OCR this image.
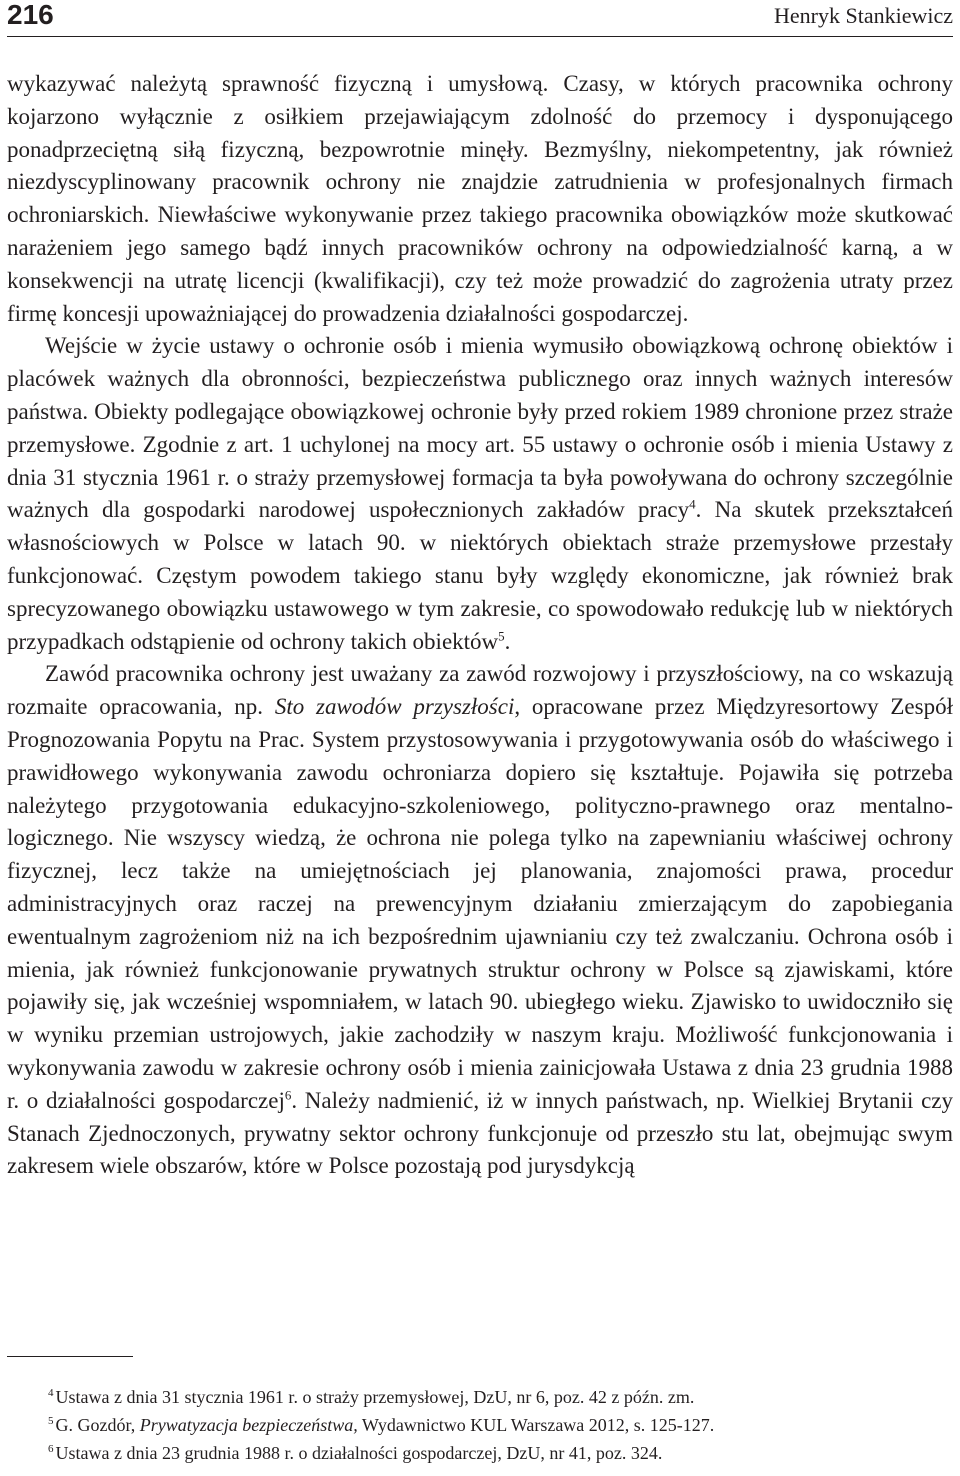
216	Henryk Stankiewicz

wykazywać należytą sprawność fizyczną i umysłową. Czasy, w których pracownika ochrony kojarzono wyłącznie z osiłkiem przejawiającym zdolność do przemocy i dysponującego ponadprzeciętną siłą fizyczną, bezpowrotnie minęły. Bezmyślny, niekompetentny, jak również niezdyscyplinowany pracownik ochrony nie znajdzie zatrudnienia w profesjonalnych firmach ochroniarskich. Niewłaściwe wykonywanie przez takiego pracownika obowiązków może skutkować narażeniem jego samego bądź innych pracowników ochrony na odpowiedzialność karną, a w konsekwencji na utratę licencji (kwalifikacji), czy też może prowadzić do zagrożenia utraty przez firmę koncesji upoważniającej do prowadzenia działalności gospodarczej.

Wejście w życie ustawy o ochronie osób i mienia wymusiło obowiązkową ochronę obiektów i placówek ważnych dla obronności, bezpieczeństwa publicznego oraz innych ważnych interesów państwa. Obiekty podlegające obowiązkowej ochronie były przed rokiem 1989 chronione przez straże przemysłowe. Zgodnie z art. 1 uchylonej na mocy art. 55 ustawy o ochronie osób i mienia Ustawy z dnia 31 stycznia 1961 r. o straży przemysłowej formacja ta była powoływana do ochrony szczególnie ważnych dla gospodarki narodowej uspołecznionych zakładów pracy$^4$. Na skutek przekształceń własnościowych w Polsce w latach 90. w niektórych obiektach straże przemysłowe przestały funkcjonować. Częstym powodem takiego stanu były względy ekonomiczne, jak również brak sprecyzowanego obowiązku ustawowego w tym zakresie, co spowodowało redukcję lub w niektórych przypadkach odstąpienie od ochrony takich obiektów$^5$.

Zawód pracownika ochrony jest uważany za zawód rozwojowy i przyszłościowy, na co wskazują rozmaite opracowania, np. Sto zawodów przyszłości, opracowane przez Międzyresortowy Zespół Prognozowania Popytu na Prac. System przystosowywania i przygotowywania osób do właściwego i prawidłowego wykonywania zawodu ochroniarza dopiero się kształtuje. Pojawiła się potrzeba należytego przygotowania edukacyjno-szkoleniowego, polityczno-prawnego oraz mentalno-logicznego. Nie wszyscy wiedzą, że ochrona nie polega tylko na zapewnianiu właściwej ochrony fizycznej, lecz także na umiejętnościach jej planowania, znajomości prawa, procedur administracyjnych oraz raczej na prewencyjnym działaniu zmierzającym do zapobiegania ewentualnym zagrożeniom niż na ich bezpośrednim ujawnianiu czy też zwalczaniu. Ochrona osób i mienia, jak również funkcjonowanie prywatnych struktur ochrony w Polsce są zjawiskami, które pojawiły się, jak wcześniej wspomniałem, w latach 90. ubiegłego wieku. Zjawisko to uwidoczniło się w wyniku przemian ustrojowych, jakie zachodziły w naszym kraju. Możliwość funkcjonowania i wykonywania zawodu w zakresie ochrony osób i mienia zainicjowała Ustawa z dnia 23 grudnia 1988 r. o działalności gospodarczej$^6$. Należy nadmienić, iż w innych państwach, np. Wielkiej Brytanii czy Stanach Zjednoczonych, prywatny sektor ochrony funkcjonuje od przeszło stu lat, obejmując swym zakresem wiele obszarów, które w Polsce pozostają pod jurysdykcją

$^4$ Ustawa z dnia 31 stycznia 1961 r. o straży przemysłowej, DzU, nr 6, poz. 42 z późn. zm.
$^5$ G. Gozdór, Prywatyzacja bezpieczeństwa, Wydawnictwo KUL Warszawa 2012, s. 125-127.
$^6$ Ustawa z dnia 23 grudnia 1988 r. o działalności gospodarczej, DzU, nr 41, poz. 324.
